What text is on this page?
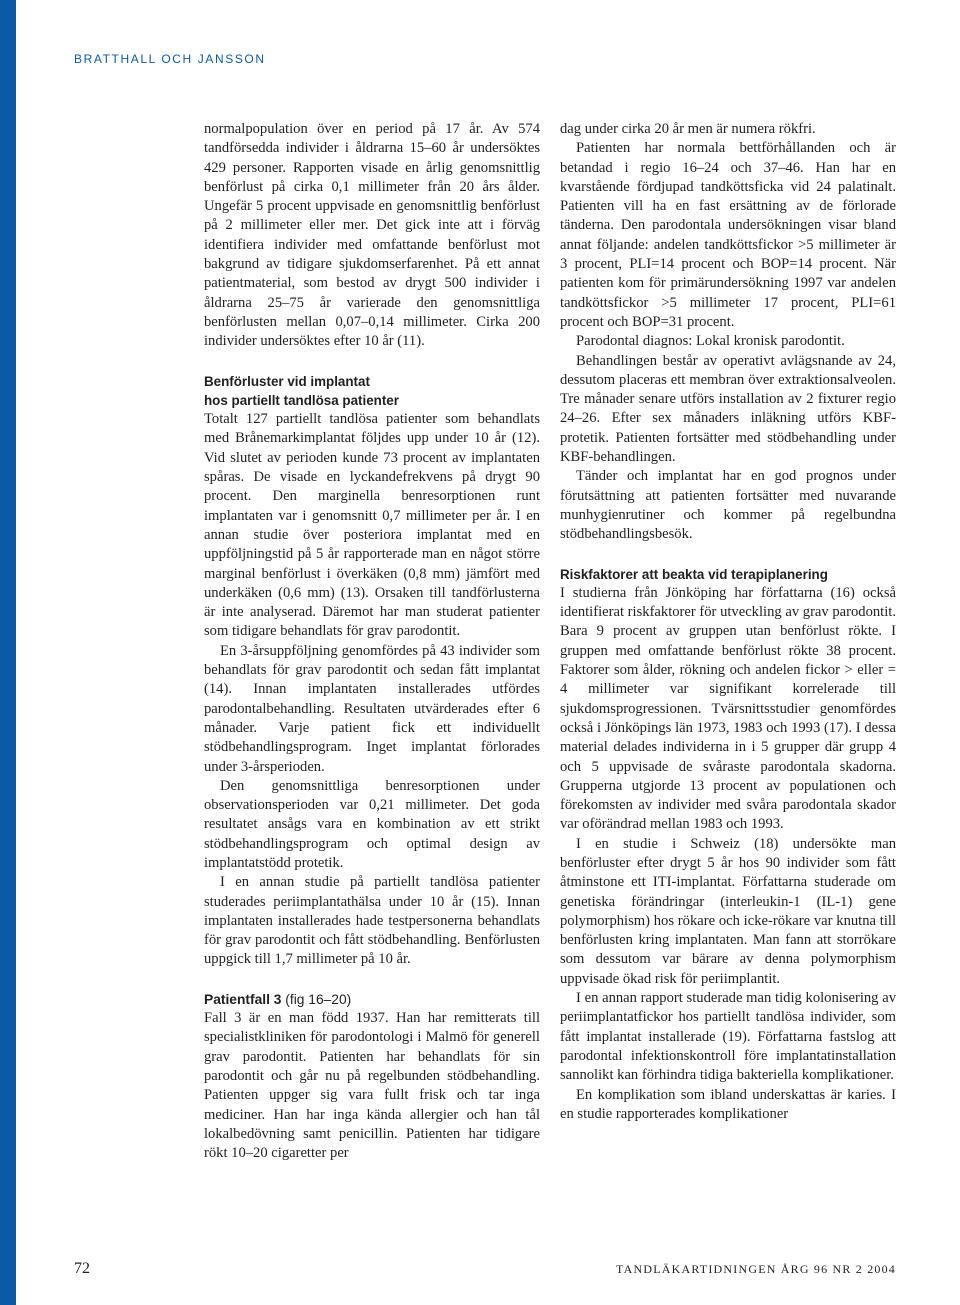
BRATTHALL OCH JANSSON

normalpopulation över en period på 17 år. Av 574 tandförsedda individer i åldrarna 15–60 år undersöktes 429 personer. Rapporten visade en årlig genomsnittlig benförlust på cirka 0,1 millimeter från 20 års ålder. Ungefär 5 procent uppvisade en genomsnittlig benförlust på 2 millimeter eller mer. Det gick inte att i förväg identifiera individer med omfattande benförlust mot bakgrund av tidigare sjukdomserfarenhet. På ett annat patientmaterial, som bestod av drygt 500 individer i åldrarna 25–75 år varierade den genomsnittliga benförlusten mellan 0,07–0,14 millimeter. Cirka 200 individer undersöktes efter 10 år (11).

Benförluster vid implantat
hos partiellt tandlösa patienter

Totalt 127 partiellt tandlösa patienter som behandlats med Brånemarkimplantat följdes upp under 10 år (12). Vid slutet av perioden kunde 73 procent av implantaten spåras. De visade en lyckandefrekvens på drygt 90 procent. Den marginella benresorptionen runt implantaten var i genomsnitt 0,7 millimeter per år. I en annan studie över posteriora implantat med en uppföljningstid på 5 år rapporterade man en något större marginal benförlust i överkäken (0,8 mm) jämfört med underkäken (0,6 mm) (13). Orsaken till tandförlusterna är inte analyserad. Däremot har man studerat patienter som tidigare behandlats för grav parodontit.

En 3-årsuppföljning genomfördes på 43 individer som behandlats för grav parodontit och sedan fått implantat (14). Innan implantaten installerades utfördes parodontalbehandling. Resultaten utvärderades efter 6 månader. Varje patient fick ett individuellt stödbehandlingsprogram. Inget implantat förlorades under 3-årsperioden.

Den genomsnittliga benresorptionen under observationsperioden var 0,21 millimeter. Det goda resultatet ansågs vara en kombination av ett strikt stödbehandlingsprogram och optimal design av implantatstödd protetik.

I en annan studie på partiellt tandlösa patienter studerades periimplantathälsa under 10 år (15). Innan implantaten installerades hade testpersonerna behandlats för grav parodontit och fått stödbehandling. Benförlusten uppgick till 1,7 millimeter på 10 år.

Patientfall 3 (fig 16–20)

Fall 3 är en man född 1937. Han har remitterats till specialistkliniken för parodontologi i Malmö för generell grav parodontit. Patienten har behandlats för sin parodontit och går nu på regelbunden stödbehandling. Patienten uppger sig vara fullt frisk och tar inga mediciner. Han har inga kända allergier och han tål lokalbedövning samt penicillin. Patienten har tidigare rökt 10–20 cigaretter per

dag under cirka 20 år men är numera rökfri.

Patienten har normala bettförhållanden och är betandad i regio 16–24 och 37–46. Han har en kvarstående fördjupad tandköttsficka vid 24 palatinalt. Patienten vill ha en fast ersättning av de förlorade tänderna. Den parodontala undersökningen visar bland annat följande: andelen tandköttsfickor >5 millimeter är 3 procent, PLI=14 procent och BOP=14 procent. När patienten kom för primärundersökning 1997 var andelen tandköttsfickor >5 millimeter 17 procent, PLI=61 procent och BOP=31 procent.

Parodontal diagnos: Lokal kronisk parodontit.

Behandlingen består av operativt avlägsnande av 24, dessutom placeras ett membran över extraktionsalveolen. Tre månader senare utförs installation av 2 fixturer regio 24–26. Efter sex månaders inläkning utförs KBF-protetik. Patienten fortsätter med stödbehandling under KBF-behandlingen.

Tänder och implantat har en god prognos under förutsättning att patienten fortsätter med nuvarande munhygienrutiner och kommer på regelbundna stödbehandlingsbesök.

Riskfaktorer att beakta vid terapiplanering

I studierna från Jönköping har författarna (16) också identifierat riskfaktorer för utveckling av grav parodontit. Bara 9 procent av gruppen utan benförlust rökte. I gruppen med omfattande benförlust rökte 38 procent. Faktorer som ålder, rökning och andelen fickor > eller = 4 millimeter var signifikant korrelerade till sjukdomsprogressionen. Tvärsnittsstudier genomfördes också i Jönköpings län 1973, 1983 och 1993 (17). I dessa material delades individerna in i 5 grupper där grupp 4 och 5 uppvisade de svåraste parodontala skadorna. Grupperna utgjorde 13 procent av populationen och förekomsten av individer med svåra parodontala skador var oförändrad mellan 1983 och 1993.

I en studie i Schweiz (18) undersökte man benförluster efter drygt 5 år hos 90 individer som fått åtminstone ett ITI-implantat. Författarna studerade om genetiska förändringar (interleukin-1 (IL-1) gene polymorphism) hos rökare och icke-rökare var knutna till benförlusten kring implantaten. Man fann att storrökare som dessutom var bärare av denna polymorphism uppvisade ökad risk för periimplantit.

I en annan rapport studerade man tidig kolonisering av periimplantatfickor hos partiellt tandlösa individer, som fått implantat installerade (19). Författarna fastslog att parodontal infektionskontroll före implantatinstallation sannolikt kan förhindra tidiga bakteriella komplikationer.

En komplikation som ibland underskattas är karies. I en studie rapporterades komplikationer

72	TANDLÄKARTIDNINGEN ÅRG 96 NR 2 2004
